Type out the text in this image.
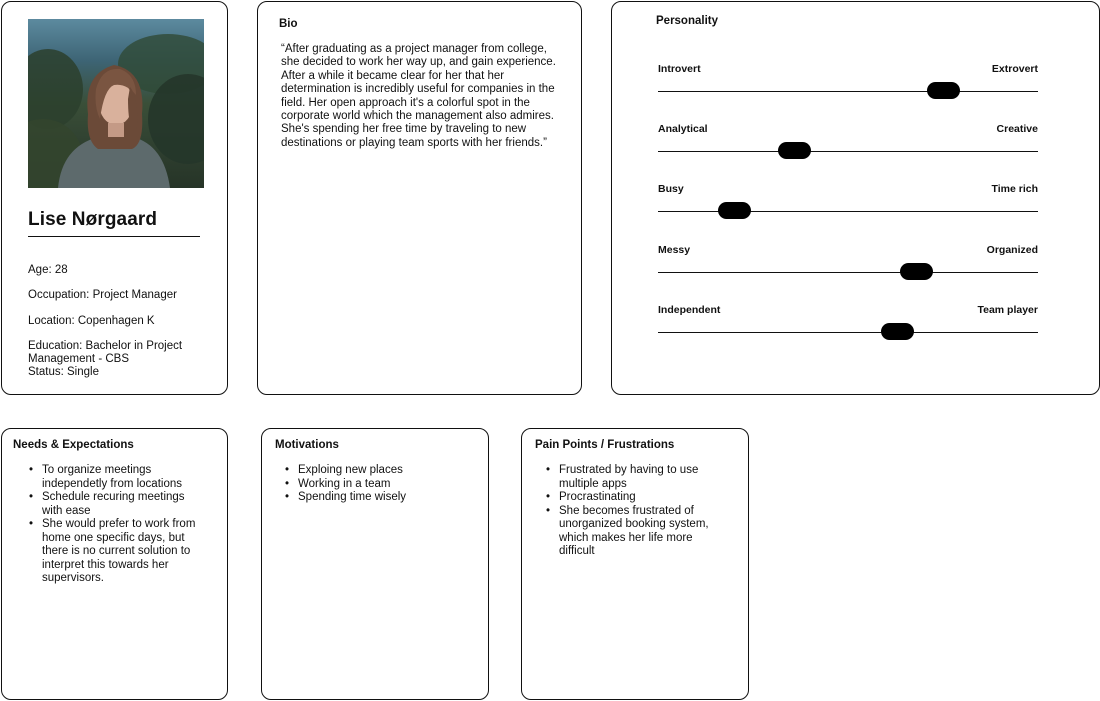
Lise Nørgaard
Age: 28
Occupation: Project Manager
Location: Copenhagen K
Education: Bachelor in Project Management - CBS
Status: Single
Bio
“After graduating as a project manager from college, she decided to work her way up, and gain experience. After a while it became clear for her that her determination is incredibly useful for companies in the field. Her open approach it's a colorful spot in the corporate world which the management also admires. She's spending her free time by traveling to new destinations or playing team sports with her friends.”
Personality
Introvert	Extrovert
Analytical	Creative
Busy	Time rich
Messy	Organized
Independent	Team player
Needs & Expectations
• To organize meetings independetly from locations
• Schedule recuring meetings with ease
• She would prefer to work from home one specific days, but there is no current solution to interpret this towards her supervisors.
Motivations
• Exploing new places
• Working in a team
• Spending time wisely
Pain Points / Frustrations
• Frustrated by having to use multiple apps
• Procrastinating
• She becomes frustrated of unorganized booking system, which makes her life more difficult
